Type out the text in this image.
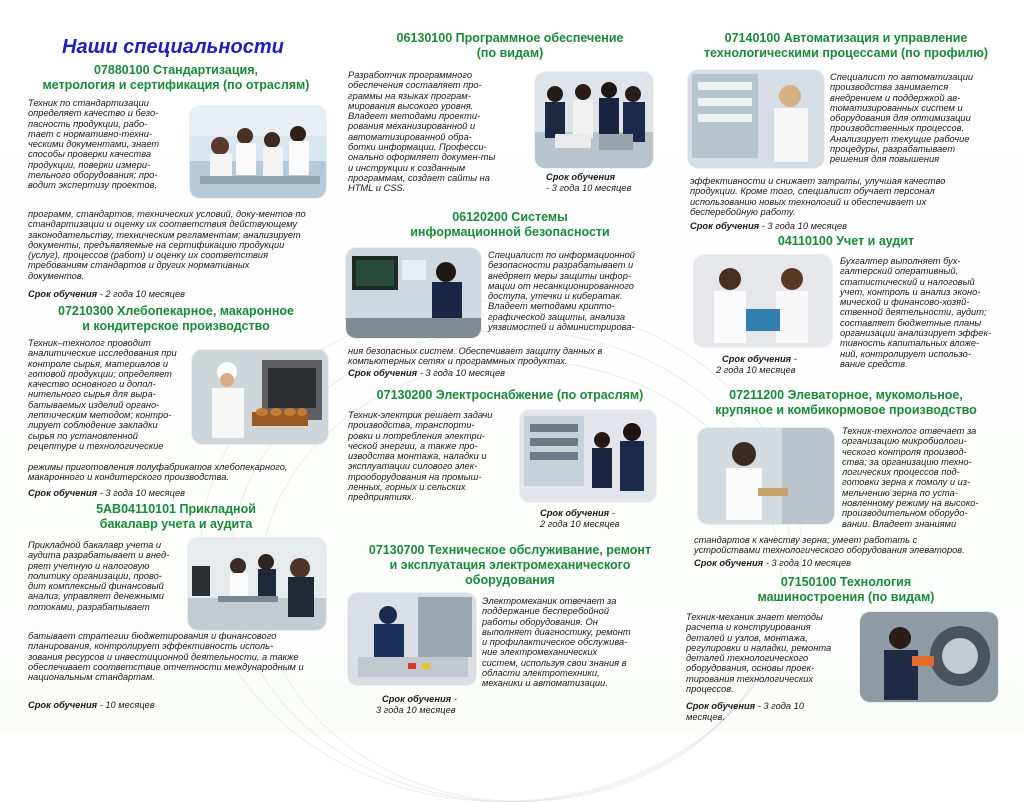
Наши специальности
07880100 Стандартизация,
метрология и сертификация (по отраслям)
Техник по стандартизации
определяет качество и безо-
пасность продукции, рабо-
тает с нормативно-техни-
ческими документами, знает
способы проверки качества
продукции, поверки измери-
тельного оборудования; про-
водит экспертизу проектов,
программ, стандартов, технических условий, доку-ментов по
стандартизации и оценку их соответствия действующему
законодательству, техническим регламентам; анализирует
документы, предъявляемые на сертификацию продукции
(услуг), процессов (работ) и оценку их соответствия
требованиям стандартов и других нормативных
документов.
Срок обучения - 2 года 10 месяцев
07210300 Хлебопекарное, макаронное
и кондитерское производство
Техник–технолог проводит
аналитические исследования при
контроле сырья, материалов и
готовой продукции; определяет
качество основного и допол-
нительного сырья для выра-
батываемых изделий органо-
лептическим методом; контро-
лирует соблюдение закладки
сырья по установленной
рецептуре и технологические
режимы приготовления полуфабрикатов хлебопекарного,
макаронного и кондитерского производства.
Срок обучения - 3 года 10 месяцев
5АВ04110101 Прикладной
бакалавр учета и аудита
Прикладной бакалавр учета и
аудита разрабатывает и внед-
ряет учетную и налоговую
политику организации, прово-
дит комплексный финансовый
анализ, управляет денежными
потоками, разрабатывает
батывает стратегии бюджетирования и финансового
планирования, контролирует эффективность исполь-
зования ресурсов и инвестиционной деятельности, а также
обеспечивает соответствие отчетности международным и
национальным стандартам.
Срок обучения - 10 месяцев
06130100 Программное обеспечение
(по видам)
Разработчик программного
обеспечения составляет про-
граммы на языках програм-
мирования высокого уровня.
Владеет методами проекти-
рования механизированной и
автоматизированной обра-
ботки информации. Професси-
онально оформляет докумен-ты
и инструкции к созданным
программам, создает сайты на
HTML и CSS.
Срок обучения
- 3 года 10 месяцев
06120200 Системы
информационной безопасности
Специалист по информационной
безопасности разрабатывает и
внедряет меры защиты инфор-
мации от несанкционированного
доступа, утечки и кибератак.
Владеет методами крипто-
графической защиты, анализа
уязвимостей и администрирова-
ния безопасных систем. Обеспечивает защиту данных в
компьютерных сетях и программных продуктах.
Срок обучения - 3 года 10 месяцев
07130200 Электроснабжение (по отраслям)
Техник-электрик решает задачи
производства, транспорти-
ровки и потребления электри-
ческой энергии, а также про-
изводства монтажа, наладки и
эксплуатации силового элек-
трооборудования на промыш-
ленных, горных и сельских
предприятиях.
Срок обучения -
2 года 10 месяцев
07130700 Техническое обслуживание, ремонт
и эксплуатация электромеханического
оборудования
Электромеханик отвечает за
поддержание бесперебойной
работы оборудования. Он
выполняет диагностику, ремонт
и профилактическое обслужива-
ние электромеханических
систем, используя свои знания в
области электротехники,
механики и автоматизации.
Срок обучения -
3 года 10 месяцев
07140100 Автоматизация и управление
технологическими процессами (по профилю)
Специалист по автоматизации
производства занимается
внедрением и поддержкой ав-
томатизированных систем и
оборудования для оптимизации
производственных процессов.
Анализирует текущие рабочие
процедуры, разрабатывает
решения для повышения
эффективности и снижает затраты, улучшая качество
продукции. Кроме того, специалист обучает персонал
использованию новых технологий и обеспечивает их
бесперебойную работу.
Срок обучения - 3 года 10 месяцев
04110100 Учет и аудит
Бухгалтер выполняет бух-
галтерский оперативный,
статистический и налоговый
учет, контроль и анализ эконо-
мической и финансово-хозяй-
ственной деятельности, аудит;
составляет бюджетные планы
организации анализирует эффек-
тивность капитальных вложе-
ний, контролирует использо-
вание средств.
Срок обучения -
2 года 10 месяцев
07211200 Элеваторное, мукомольное,
крупяное и комбикормовое производство
Техник-технолог отвечает за
организацию микробиологи-
ческого контроля производ-
ства; за организацию техно-
логических процессов под-
готовки зерна к помолу и из-
мельчению зерна по уста-
новленному режиму на высоко-
производительном оборудо-
вании. Владеет знаниями
стандартов к качеству зерна; умеет работать с
устройствами технологического оборудования элеваторов.
Срок обучения - 3 года 10 месяцев
07150100 Технология
машиностроения (по видам)
Техник-механик знает методы
расчета и конструирования
деталей и узлов, монтажа,
регулировки и наладки, ремонта
деталей технологического
оборудования, основы проек-
тирования технологических
процессов.
Срок обучения - 3 года 10
месяцев.
